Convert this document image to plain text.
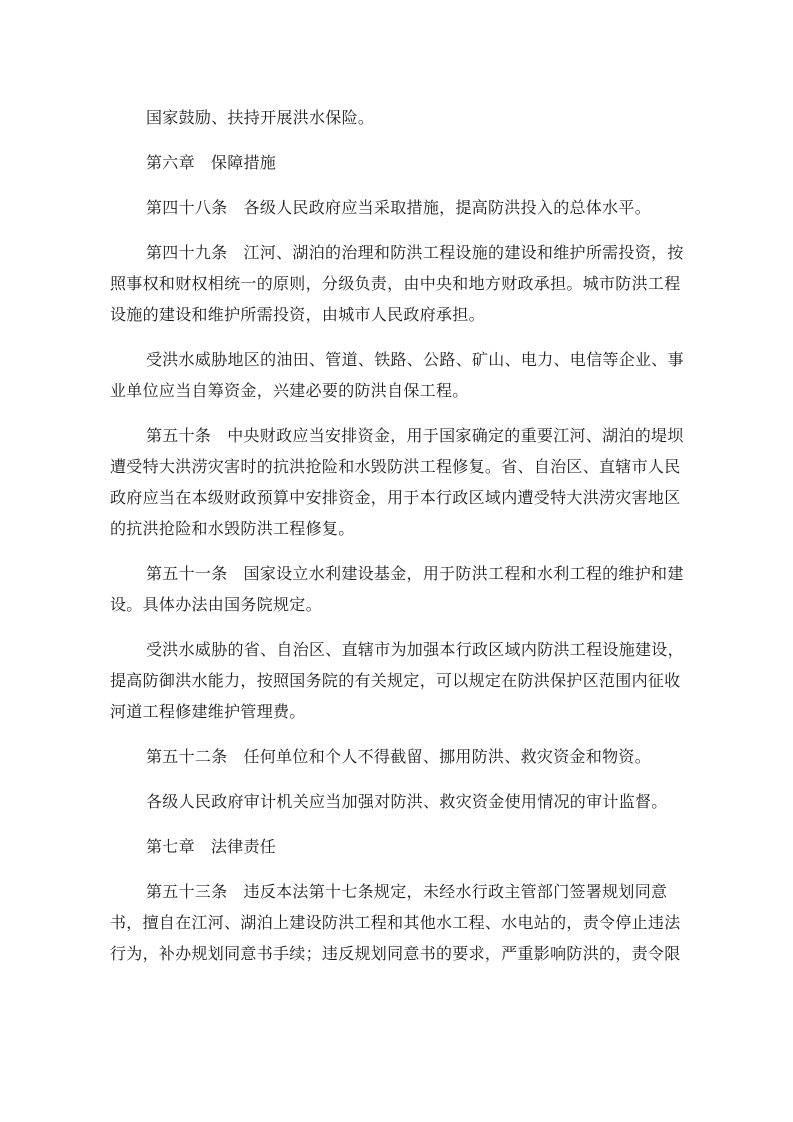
国家鼓励、扶持开展洪水保险。

第六章 保障措施

第四十八条 各级人民政府应当采取措施，提高防洪投入的总体水平。

第四十九条 江河、湖泊的治理和防洪工程设施的建设和维护所需投资，按
照事权和财权相统一的原则，分级负责，由中央和地方财政承担。城市防洪工程
设施的建设和维护所需投资，由城市人民政府承担。

受洪水威胁地区的油田、管道、铁路、公路、矿山、电力、电信等企业、事
业单位应当自筹资金，兴建必要的防洪自保工程。

第五十条 中央财政应当安排资金，用于国家确定的重要江河、湖泊的堤坝
遭受特大洪涝灾害时的抗洪抢险和水毁防洪工程修复。省、自治区、直辖市人民
政府应当在本级财政预算中安排资金，用于本行政区域内遭受特大洪涝灾害地区
的抗洪抢险和水毁防洪工程修复。

第五十一条 国家设立水利建设基金，用于防洪工程和水利工程的维护和建
设。具体办法由国务院规定。

受洪水威胁的省、自治区、直辖市为加强本行政区域内防洪工程设施建设，
提高防御洪水能力，按照国务院的有关规定，可以规定在防洪保护区范围内征收
河道工程修建维护管理费。

第五十二条 任何单位和个人不得截留、挪用防洪、救灾资金和物资。

各级人民政府审计机关应当加强对防洪、救灾资金使用情况的审计监督。

第七章 法律责任

第五十三条 违反本法第十七条规定，未经水行政主管部门签署规划同意
书，擅自在江河、湖泊上建设防洪工程和其他水工程、水电站的，责令停止违法
行为，补办规划同意书手续；违反规划同意书的要求，严重影响防洪的，责令限
